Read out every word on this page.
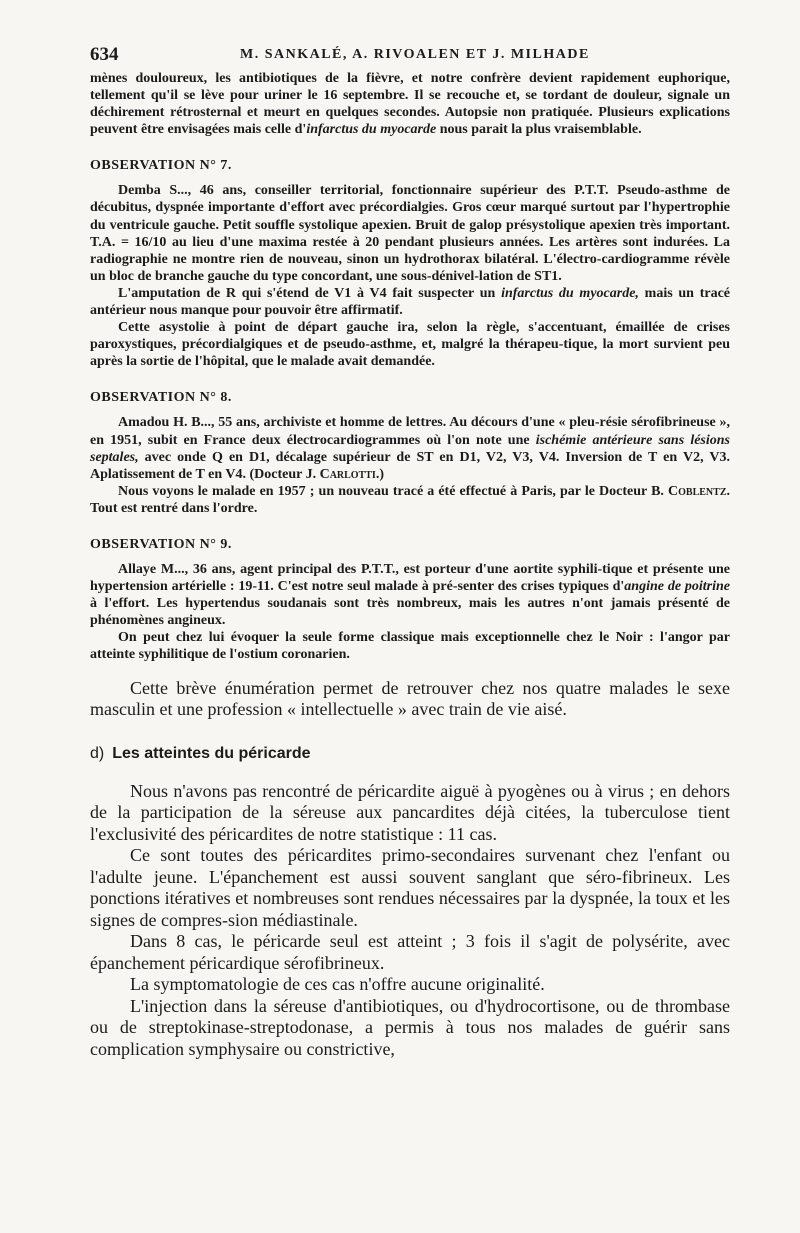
634	M. SANKALÉ, A. RIVOALEN ET J. MILHADE

mènes douloureux, les antibiotiques de la fièvre, et notre confrère devient rapidement euphorique, tellement qu'il se lève pour uriner le 16 septembre. Il se recouche et, se tordant de douleur, signale un déchirement rétrosternal et meurt en quelques secondes. Autopsie non pratiquée. Plusieurs explications peuvent être envisagées mais celle d'infarctus du myocarde nous parait la plus vraisemblable.

OBSERVATION N° 7.

Demba S..., 46 ans, conseiller territorial, fonctionnaire supérieur des P.T.T. Pseudo-asthme de décubitus, dyspnée importante d'effort avec précordialgies. Gros cœur marqué surtout par l'hypertrophie du ventricule gauche. Petit souffle systolique apexien. Bruit de galop présystolique apexien très important. T.A. = 16/10 au lieu d'une maxima restée à 20 pendant plusieurs années. Les artères sont indurées. La radiographie ne montre rien de nouveau, sinon un hydrothorax bilatéral. L'électro-cardiogramme révèle un bloc de branche gauche du type concordant, une sous-dénivel-lation de ST1.

L'amputation de R qui s'étend de V1 à V4 fait suspecter un infarctus du myocarde, mais un tracé antérieur nous manque pour pouvoir être affirmatif.

Cette asystolie à point de départ gauche ira, selon la règle, s'accentuant, émaillée de crises paroxystiques, précordialgiques et de pseudo-asthme, et, malgré la thérapeu-tique, la mort survient peu après la sortie de l'hôpital, que le malade avait demandée.

OBSERVATION N° 8.

Amadou H. B..., 55 ans, archiviste et homme de lettres. Au décours d'une « pleu-résie sérofibrineuse », en 1951, subit en France deux électrocardiogrammes où l'on note une ischémie antérieure sans lésions septales, avec onde Q en D1, décalage supérieur de ST en D1, V2, V3, V4. Inversion de T en V2, V3. Aplatissement de T en V4. (Docteur J. Carlotti.)

Nous voyons le malade en 1957 ; un nouveau tracé a été effectué à Paris, par le Docteur B. Coblentz. Tout est rentré dans l'ordre.

OBSERVATION N° 9.

Allaye M..., 36 ans, agent principal des P.T.T., est porteur d'une aortite syphili-tique et présente une hypertension artérielle : 19-11. C'est notre seul malade à pré-senter des crises typiques d'angine de poitrine à l'effort. Les hypertendus soudanais sont très nombreux, mais les autres n'ont jamais présenté de phénomènes angineux.

On peut chez lui évoquer la seule forme classique mais exceptionnelle chez le Noir : l'angor par atteinte syphilitique de l'ostium coronarien.

Cette brève énumération permet de retrouver chez nos quatre malades le sexe masculin et une profession « intellectuelle » avec train de vie aisé.

d) Les atteintes du péricarde

Nous n'avons pas rencontré de péricardite aiguë à pyogènes ou à virus ; en dehors de la participation de la séreuse aux pancardites déjà citées, la tuberculose tient l'exclusivité des péricardites de notre statistique : 11 cas.

Ce sont toutes des péricardites primo-secondaires survenant chez l'enfant ou l'adulte jeune. L'épanchement est aussi souvent sanglant que séro-fibrineux. Les ponctions itératives et nombreuses sont rendues nécessaires par la dyspnée, la toux et les signes de compres-sion médiastinale.

Dans 8 cas, le péricarde seul est atteint ; 3 fois il s'agit de polysérite, avec épanchement péricardique sérofibrineux.

La symptomatologie de ces cas n'offre aucune originalité.

L'injection dans la séreuse d'antibiotiques, ou d'hydrocortisone, ou de thrombase ou de streptokinase-streptodonase, a permis à tous nos malades de guérir sans complication symphysaire ou constrictive,
